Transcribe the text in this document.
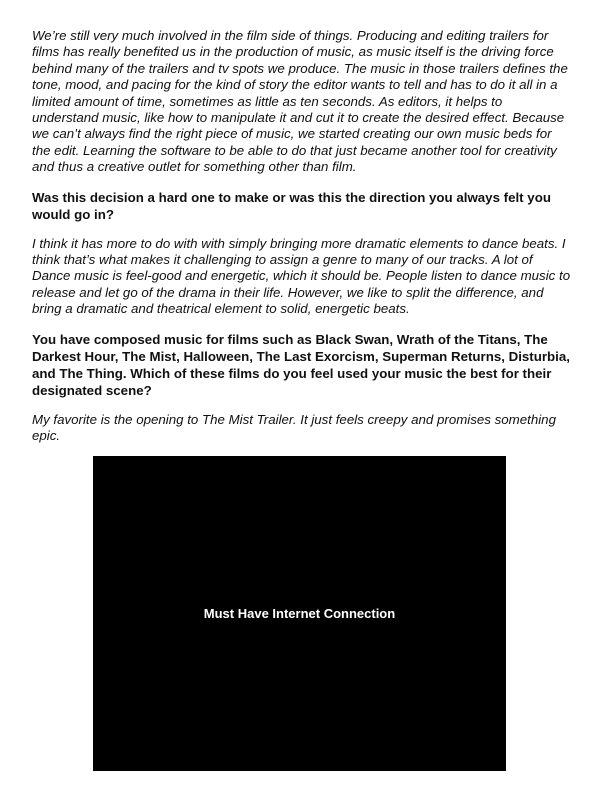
We’re still very much involved in the film side of things. Producing and editing trailers for films has really benefited us in the production of music, as music itself is the driving force behind many of the trailers and tv spots we produce. The music in those trailers defines the tone, mood, and pacing for the kind of story the editor wants to tell and has to do it all in a limited amount of time, sometimes as little as ten seconds. As editors, it helps to understand music, like how to manipulate it and cut it to create the desired effect. Because we can’t always find the right piece of music, we started creating our own music beds for the edit. Learning the software to be able to do that just became another tool for creativity and thus a creative outlet for something other than film.

Was this decision a hard one to make or was this the direction you always felt you would go in?

I think it has more to do with with simply bringing more dramatic elements to dance beats. I think that’s what makes it challenging to assign a genre to many of our tracks. A lot of Dance music is feel-good and energetic, which it should be. People listen to dance music to release and let go of the drama in their life. However, we like to split the difference, and bring a dramatic and theatrical element to solid, energetic beats.

You have composed music for films such as Black Swan, Wrath of the Titans, The Darkest Hour, The Mist, Halloween, The Last Exorcism, Superman Returns, Disturbia, and The Thing. Which of these films do you feel used your music the best for their designated scene?

My favorite is the opening to The Mist Trailer. It just feels creepy and promises something epic.

Must Have Internet Connection
